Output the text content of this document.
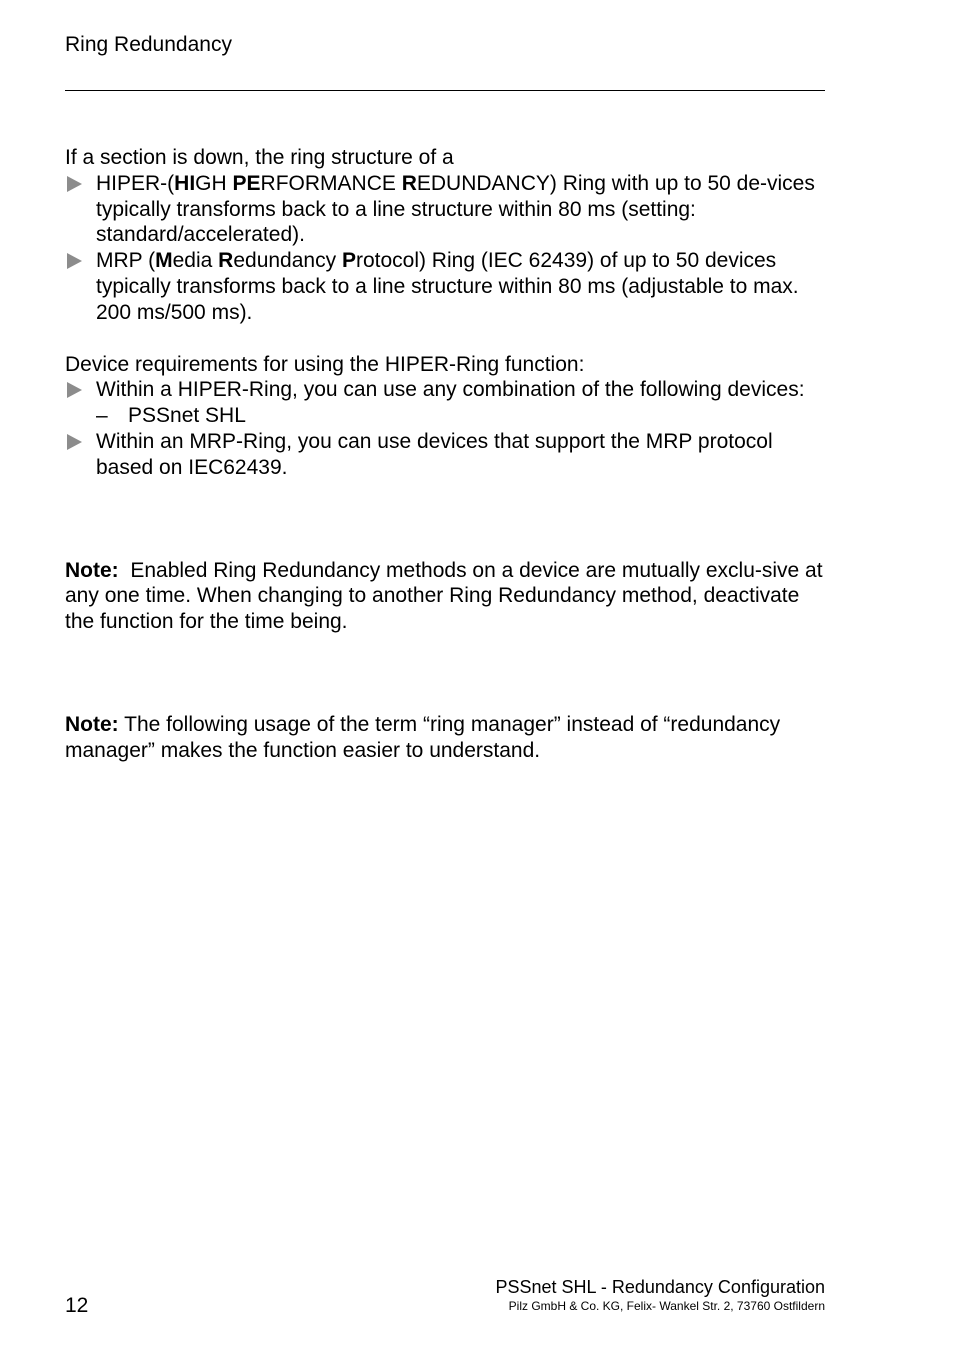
Ring Redundancy

If a section is down, the ring structure of a

HIPER-(HIGH PERFORMANCE REDUNDANCY) Ring with up to 50 de-vices typically transforms back to a line structure within 80 ms (setting: standard/accelerated).
MRP (Media Redundancy Protocol) Ring (IEC 62439) of up to 50 devices typically transforms back to a line structure within 80 ms (adjustable to max. 200 ms/500 ms).

Device requirements for using the HIPER-Ring function:

Within a HIPER-Ring, you can use any combination of the following devices:
– PSSnet SHL
Within an MRP-Ring, you can use devices that support the MRP protocol based on IEC62439.

Note: Enabled Ring Redundancy methods on a device are mutually exclu-sive at any one time. When changing to another Ring Redundancy method, deactivate the function for the time being.

Note: The following usage of the term “ring manager” instead of “redundancy manager” makes the function easier to understand.

PSSnet SHL - Redundancy Configuration
Pilz GmbH & Co. KG, Felix- Wankel Str. 2, 73760 Ostfildern
12
